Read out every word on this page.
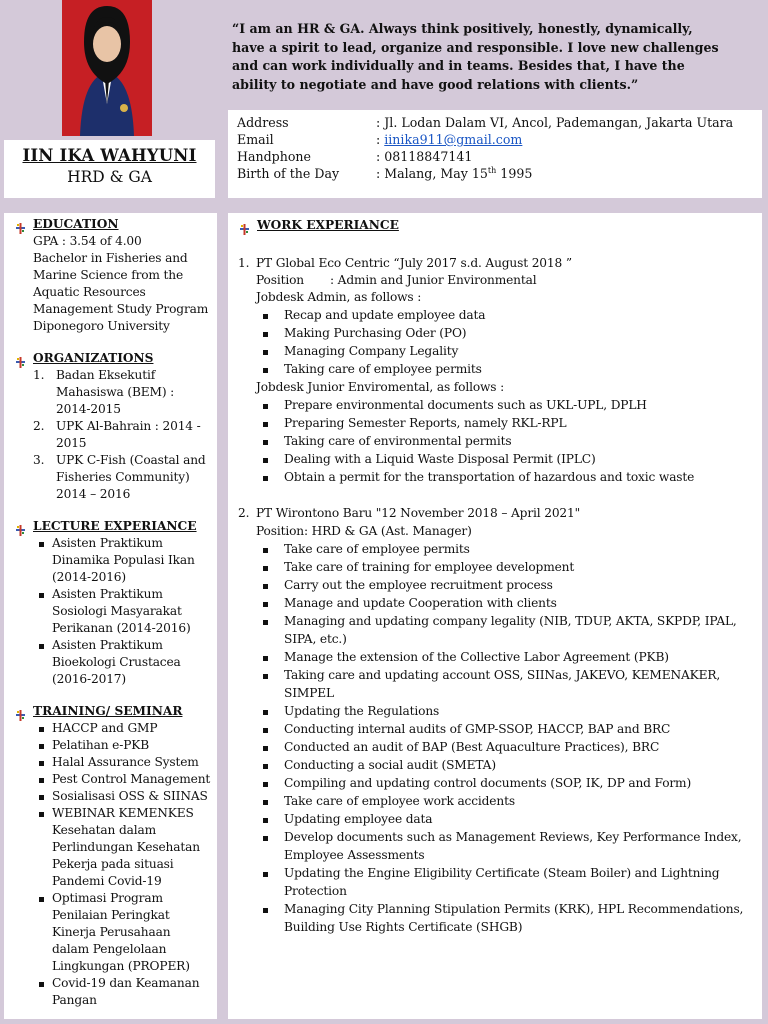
IIN IKA WAHYUNI
HRD & GA
“I am an HR & GA. Always think positively, honestly, dynamically,
have a spirit to lead, organize and responsible. I love new challenges
and can work individually and in teams. Besides that, I have the
ability to negotiate and have good relations with clients.”
Address	: Jl. Lodan Dalam VI, Ancol, Pademangan, Jakarta Utara
Email	: iinika911@gmail.com
Handphone	: 08118847141
Birth of the Day	: Malang, May 15th 1995
EDUCATION
GPA : 3.54 of 4.00
Bachelor in Fisheries and
Marine Science from the
Aquatic Resources
Management Study Program
Diponegoro University
ORGANIZATIONS
1. Badan Eksekutif
Mahasiswa (BEM) :
2014-2015
2. UPK Al-Bahrain : 2014 -
2015
3. UPK C-Fish (Coastal and
Fisheries Community)
2014 – 2016
LECTURE EXPERIANCE
Asisten Praktikum
Dinamika Populasi Ikan
(2014-2016)
Asisten Praktikum
Sosiologi Masyarakat
Perikanan (2014-2016)
Asisten Praktikum
Bioekologi Crustacea
(2016-2017)
TRAINING/ SEMINAR
HACCP and GMP
Pelatihan e-PKB
Halal Assurance System
Pest Control Management
Sosialisasi OSS & SIINAS
WEBINAR KEMENKES
Kesehatan dalam
Perlindungan Kesehatan
Pekerja pada situasi
Pandemi Covid-19
Optimasi Program
Penilaian Peringkat
Kinerja Perusahaan
dalam Pengelolaan
Lingkungan (PROPER)
Covid-19 dan Keamanan
Pangan
WORK EXPERIANCE
1. PT Global Eco Centric “July 2017 s.d. August 2018 ”
Position : Admin and Junior Environmental
Jobdesk Admin, as follows :
Recap and update employee data
Making Purchasing Oder (PO)
Managing Company Legality
Taking care of employee permits
Jobdesk Junior Enviromental, as follows :
Prepare environmental documents such as UKL-UPL, DPLH
Preparing Semester Reports, namely RKL-RPL
Taking care of environmental permits
Dealing with a Liquid Waste Disposal Permit (IPLC)
Obtain a permit for the transportation of hazardous and toxic waste
2. PT Wirontono Baru "12 November 2018 – April 2021"
Position: HRD & GA (Ast. Manager)
Take care of employee permits
Take care of training for employee development
Carry out the employee recruitment process
Manage and update Cooperation with clients
Managing and updating company legality (NIB, TDUP, AKTA, SKPDP, IPAL,
SIPA, etc.)
Manage the extension of the Collective Labor Agreement (PKB)
Taking care and updating account OSS, SIINas, JAKEVO, KEMENAKER,
SIMPEL
Updating the Regulations
Conducting internal audits of GMP-SSOP, HACCP, BAP and BRC
Conducted an audit of BAP (Best Aquaculture Practices), BRC
Conducting a social audit (SMETA)
Compiling and updating control documents (SOP, IK, DP and Form)
Take care of employee work accidents
Updating employee data
Develop documents such as Management Reviews, Key Performance Index,
Employee Assessments
Updating the Engine Eligibility Certificate (Steam Boiler) and Lightning
Protection
Managing City Planning Stipulation Permits (KRK), HPL Recommendations,
Building Use Rights Certificate (SHGB)
